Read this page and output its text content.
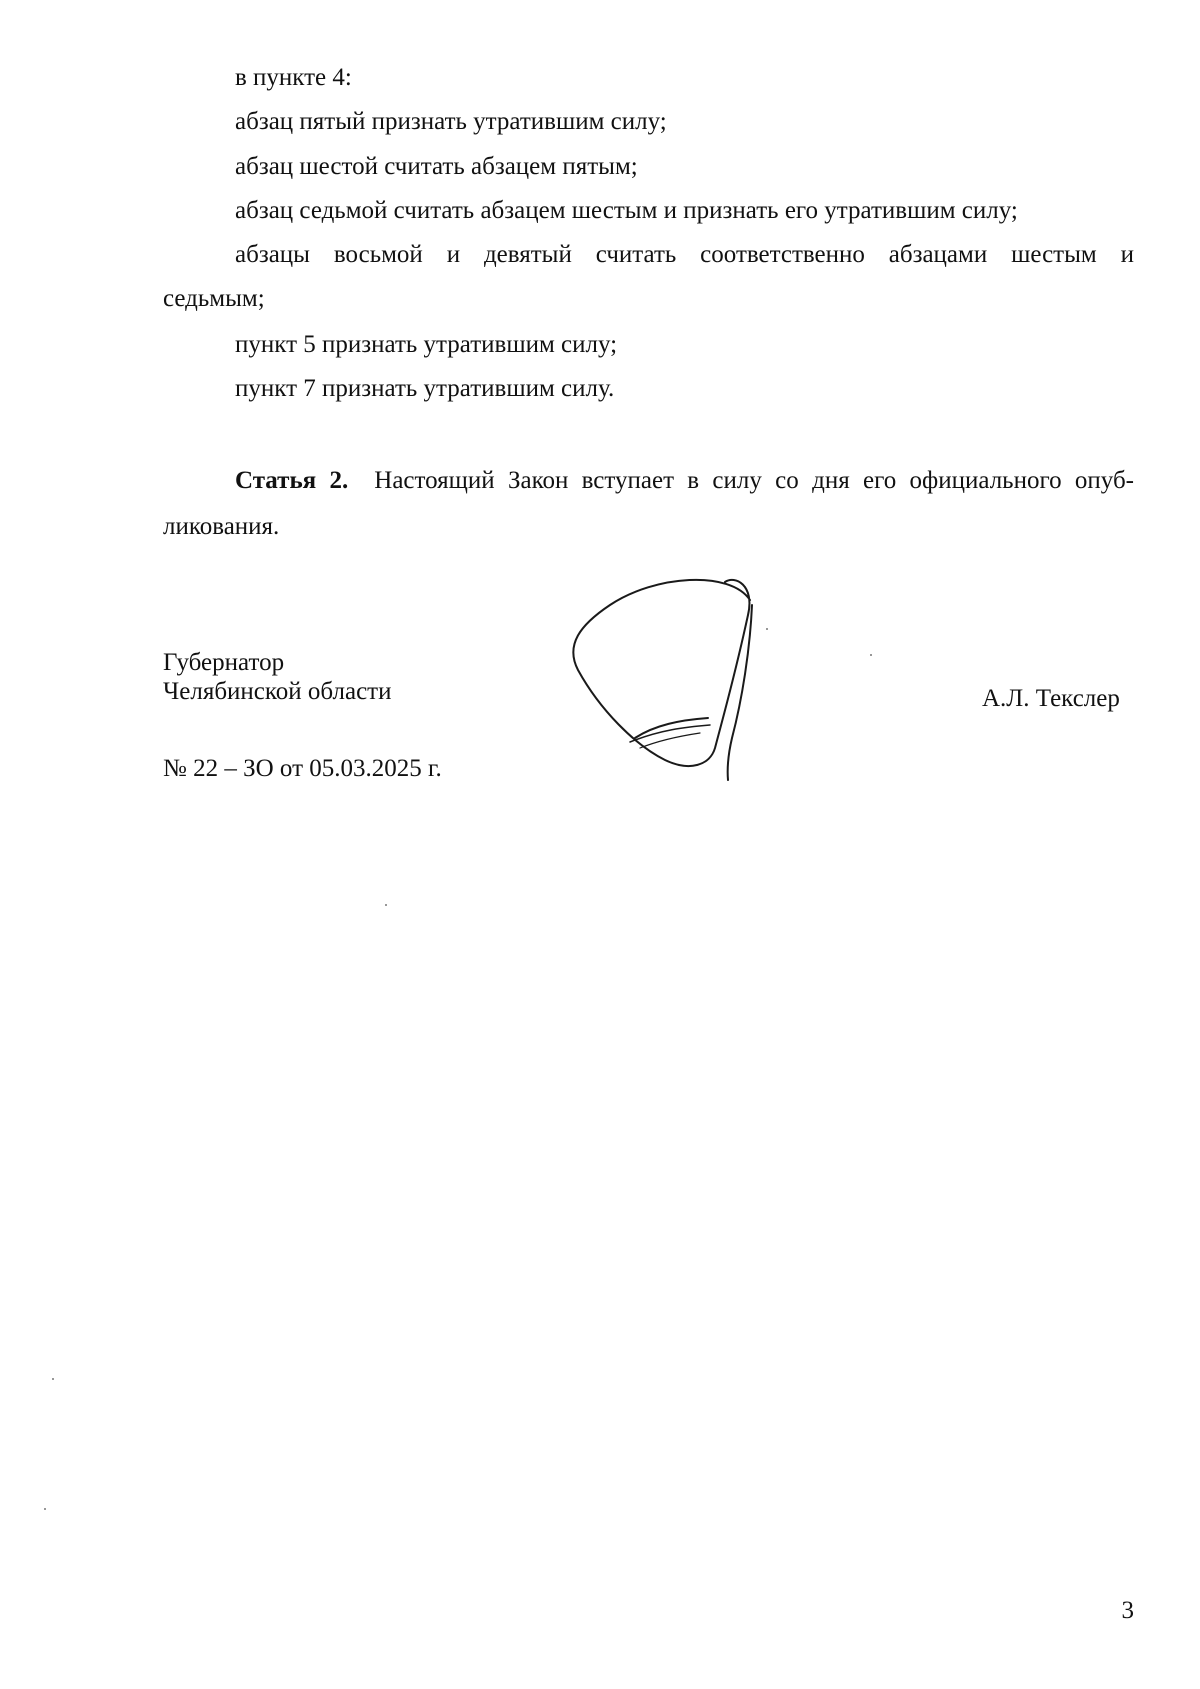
в пункте 4:
абзац пятый признать утратившим силу;
абзац шестой считать абзацем пятым;
абзац седьмой считать абзацем шестым и признать его утратившим силу;
абзацы восьмой и девятый считать соответственно абзацами шестым и
седьмым;
пункт 5 признать утратившим силу;
пункт 7 признать утратившим силу.
Статья 2. Настоящий Закон вступает в силу со дня его официального опуб-
ликования.
Губернатор
Челябинской области	А.Л. Текслер
№ 22 – ЗО от 05.03.2025 г.
3
